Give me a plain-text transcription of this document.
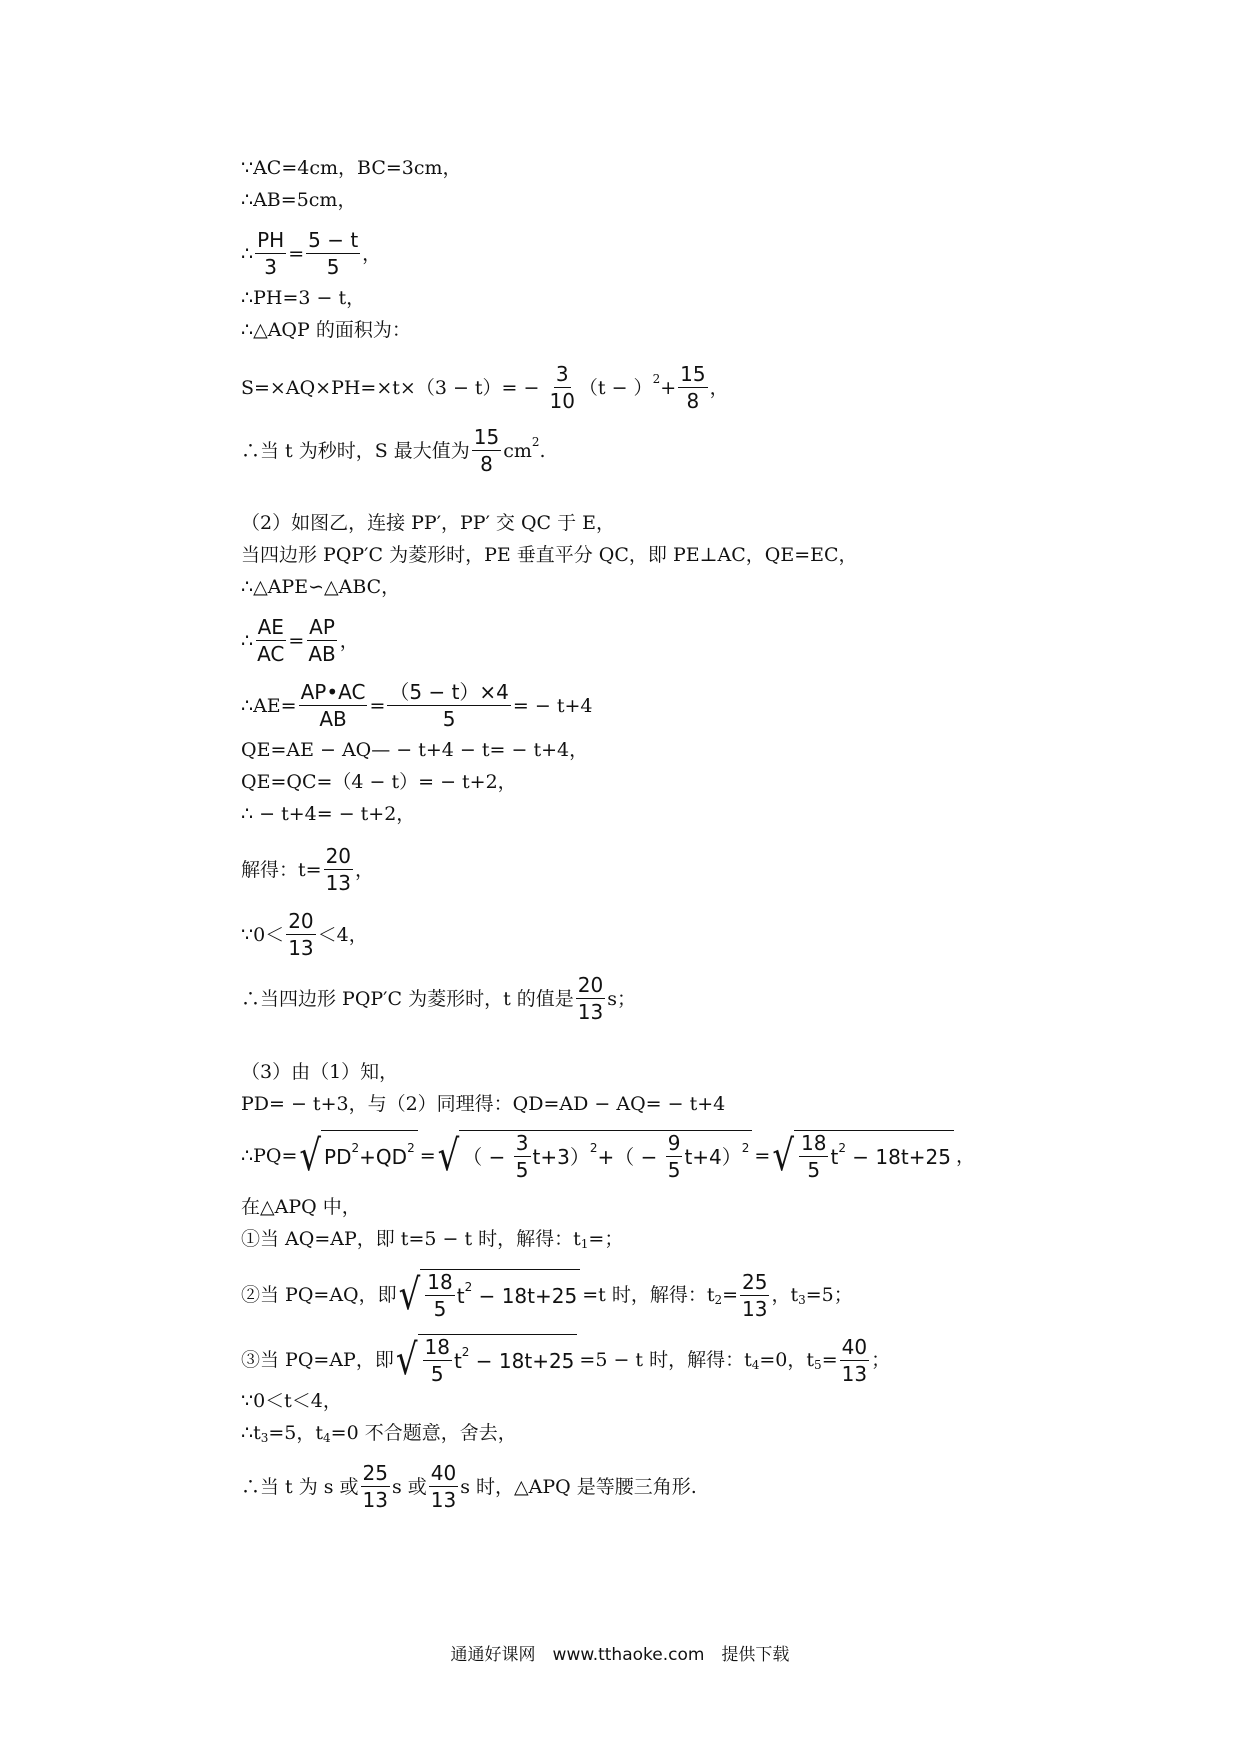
∵AC=4cm，BC=3cm，
∴AB=5cm，
∴ $\frac{PH}{3} = \frac{5 - t}{5}$ ，
∴PH=3 − t，
∴△AQP 的面积为：
$S=\times AQ\times PH=\times t\times(3 - t)= - \frac{3}{10} (t$ − ） $2 + \frac{15}{8}$ ，
∴当 t 为秒时，S 最大值为 $\frac{15}{8}$ cm 2 .
（2）如图乙，连接 PP′，PP′ 交 QC 于 E，
当四边形 PQP′C 为菱形时，PE 垂直平分 QC，即 PE⊥AC，QE=EC，
∴△APE∽△ABC，
∴ $\frac{AE}{AC} = \frac{AP}{AB}$ ，
∴AE= $\frac{AP•AC}{AB} = \frac{(5 - t)\times 4}{5}$ = − t+4
QE=AE − AQ— − t+4 − t= − t+4，
QE=QC=（4 − t）= − t+2，
∴ − t+4= − t+2，
解得：$t= \frac{20}{13}$ ，
∵0＜ $\frac{20}{13} <4$，
∴当四边形 PQP′C 为菱形时，t 的值是 $\frac{20}{13}$ s；
（3）由（1）知，
PD= − t+3，与（2）同理得：QD=AD − AQ= − t+4
∴PQ= √ PD 2 +QD 2 = √ （ − $\frac{3}{5} t+3$） 2 +（ − $\frac{9}{5} t+4$） 2 = √ $\frac{18}{5}$ t 2 − 18t+25 ，
在△APQ 中，
①当 AQ=AP，即 t=5 − t 时，解得：t 1 =；
②当 PQ=AQ，即 √ $\frac{18}{5}$ t 2 − 18t+25 =t 时，解得：t $2 = \frac{25}{13}$ ，t 3 =5；
③当 PQ=AP，即 √ $\frac{18}{5}$ t 2 − 18t+25 =5 − t 时，解得：t 4 =0，t $5 = \frac{40}{13}$ ；
∵0＜t＜4，
∴t 3 =5，t 4 =0 不合题意，舍去，
∴当 t 为 s 或 $\frac{25}{13}$ s 或 $\frac{40}{13}$ s 时，△APQ 是等腰三角形.
通通好课网　www.tthaoke.com　提供下载
